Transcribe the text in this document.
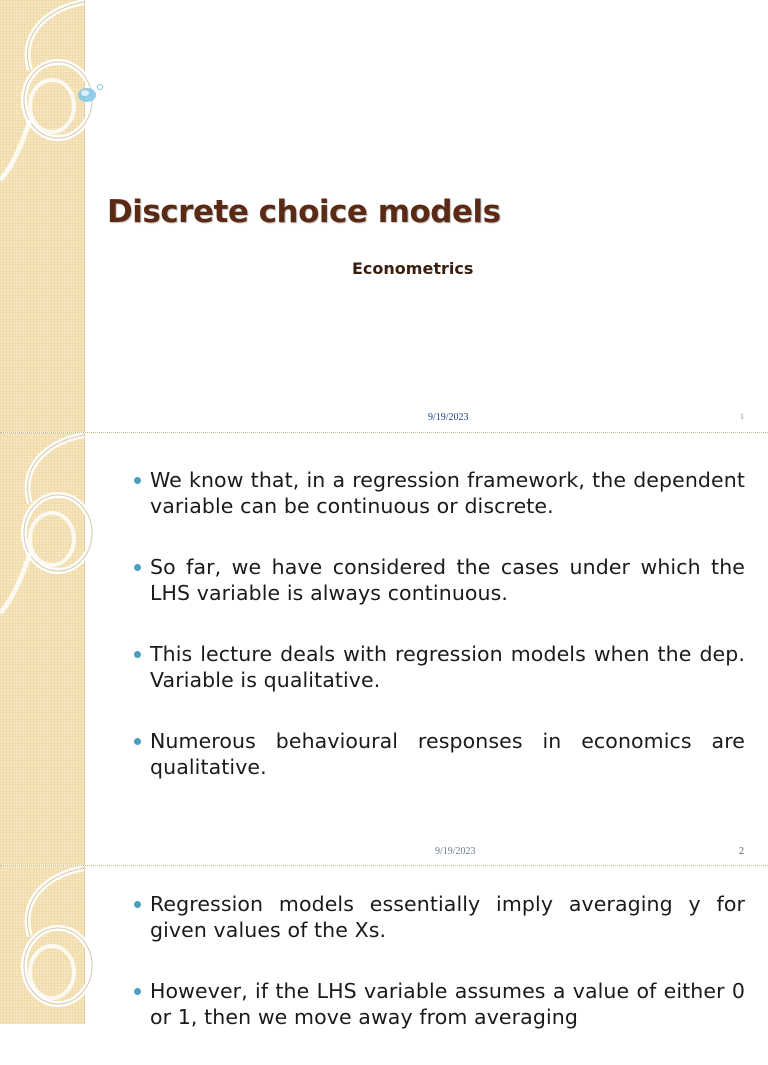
Discrete choice models
Econometrics
9/19/2023	1
9/19/2023	2
We know that, in a regression framework, the dependent variable can be continuous or discrete.
So far, we have considered the cases under which the LHS variable is always continuous.
This lecture deals with regression models when the dep. Variable is qualitative.
Numerous behavioural responses in economics are qualitative.
Regression models essentially imply averaging y for given values of the Xs.
However, if the LHS variable assumes a value of either 0 or 1, then we move away from averaging
